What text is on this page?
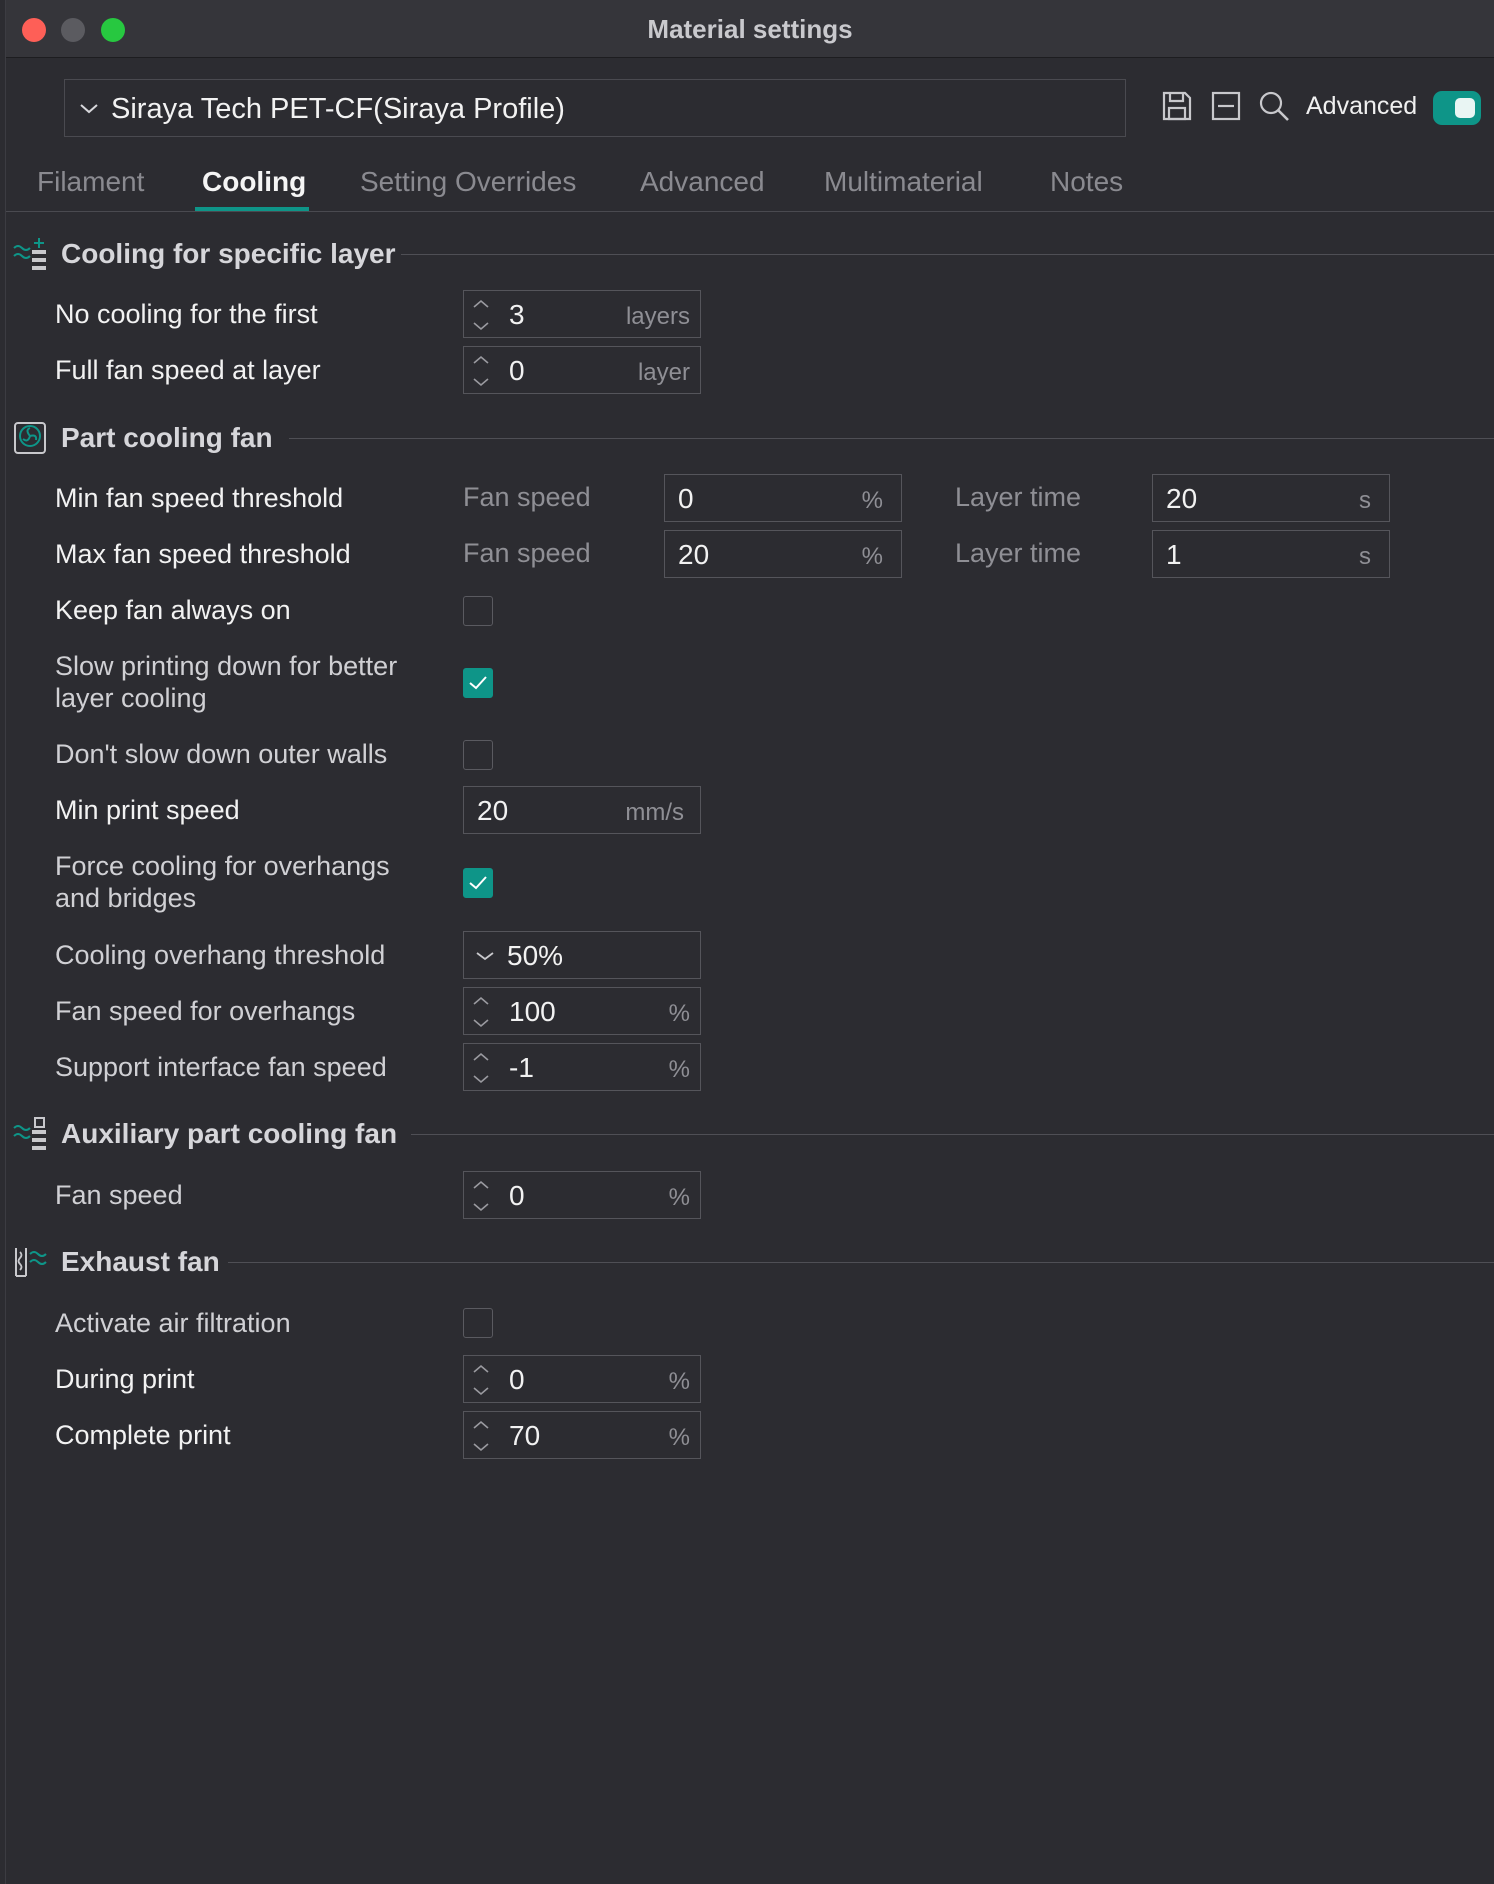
Material settings
Siraya Tech PET-CF(Siraya Profile)	Advanced
Filament Cooling Setting Overrides Advanced Multimaterial Notes
Cooling for specific layer
No cooling for the first	3	layers
Full fan speed at layer	0	layer
Part cooling fan
Min fan speed threshold	Fan speed	0	%	Layer time	20	s
Max fan speed threshold	Fan speed	20	%	Layer time	1	s
Keep fan always on
Slow printing down for better
layer cooling
Don't slow down outer walls
Min print speed	20	mm/s
Force cooling for overhangs
and bridges
Cooling overhang threshold	50%
Fan speed for overhangs	100	%
Support interface fan speed	-1	%
Auxiliary part cooling fan
Fan speed	0	%
Exhaust fan
Activate air filtration
During print	0	%
Complete print	70	%
